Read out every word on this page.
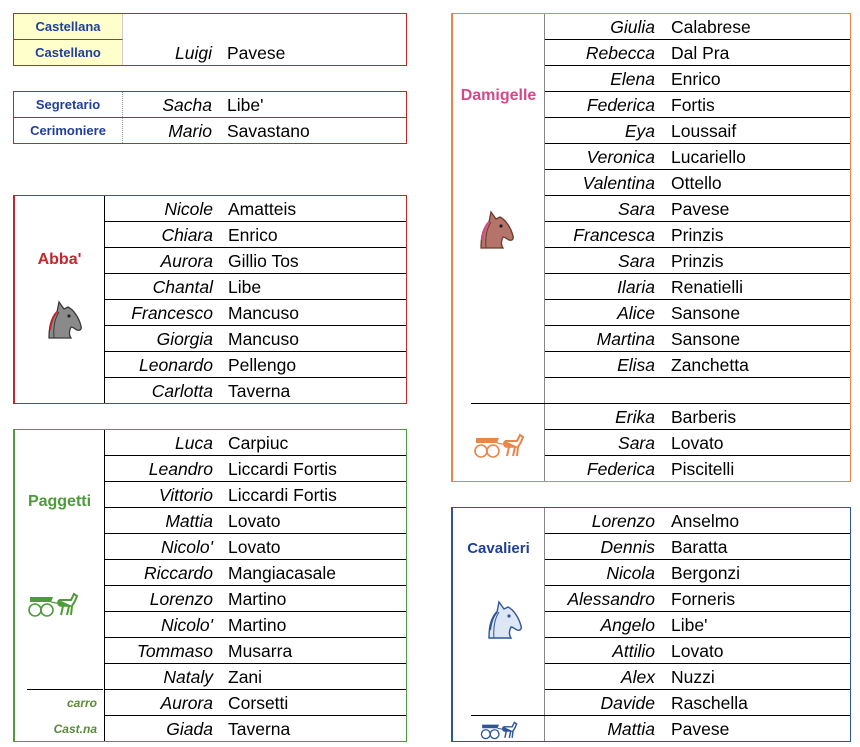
Castellana
Castellano	Luigi Pavese
Segretario
Cerimoniere
Sacha Libe'
Mario Savastano
Abba'
Nicole Amatteis
Chiara Enrico
Aurora Gillio Tos
Chantal Libe
Francesco Mancuso
Giorgia Mancuso
Leonardo Pellengo
Carlotta Taverna
Paggetti
carro
Cast.na
Luca Carpiuc
Leandro Liccardi Fortis
Vittorio Liccardi Fortis
Mattia Lovato
Nicolo' Lovato
Riccardo Mangiacasale
Lorenzo Martino
Nicolo' Martino
Tommaso Musarra
Nataly Zani
Aurora Corsetti
Giada Taverna
Damigelle
Giulia Calabrese
Rebecca Dal Pra
Elena Enrico
Federica Fortis
Eya Loussaif
Veronica Lucariello
Valentina Ottello
Sara Pavese
Francesca Prinzis
Sara Prinzis
Ilaria Renatielli
Alice Sansone
Martina Sansone
Elisa Zanchetta
Erika Barberis
Sara Lovato
Federica Piscitelli
Cavalieri
Lorenzo Anselmo
Dennis Baratta
Nicola Bergonzi
Alessandro Forneris
Angelo Libe'
Attilio Lovato
Alex Nuzzi
Davide Raschella
Mattia Pavese
